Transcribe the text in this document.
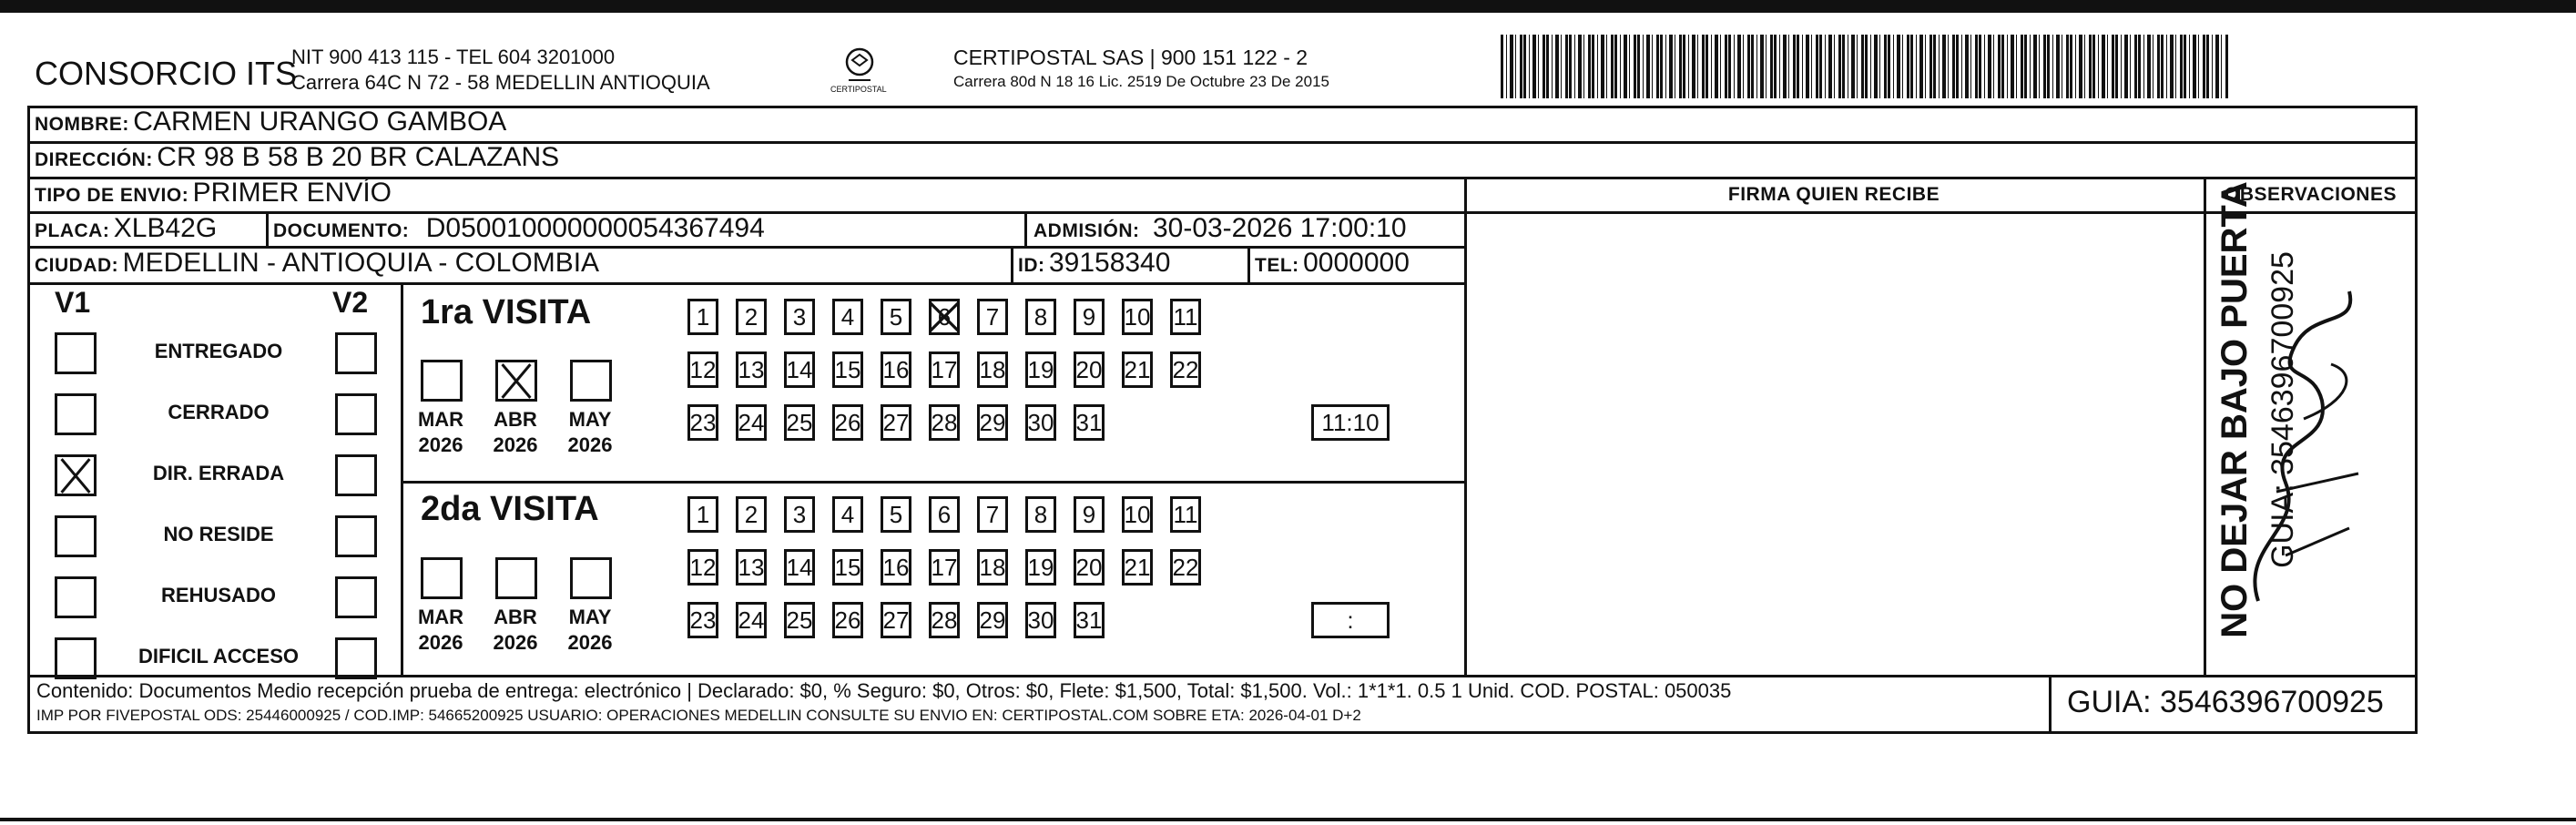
CONSORCIO ITS
NIT 900 413 115 - TEL 604 3201000
Carrera 64C N 72 - 58 MEDELLIN ANTIOQUIA	CERTIPOSTAL
CERTIPOSTAL SAS | 900 151 122 - 2
Carrera 80d N 18 16 Lic. 2519 De Octubre 23 De 2015
NOMBRE: CARMEN URANGO GAMBOA
DIRECCIÓN: CR 98 B 58 B 20 BR CALAZANS
TIPO DE ENVIO: PRIMER ENVÍO	FIRMA QUIEN RECIBE	OBSERVACIONES
PLACA: XLB42G	DOCUMENTO: D050010000000054367494	ADMISIÓN: 30-03-2026 17:00:10
CIUDAD: MEDELLIN - ANTIOQUIA - COLOMBIA	ID: 39158340	TEL: 0000000
V1	V2
ENTREGADO
CERRADO
DIR. ERRADA
NO RESIDE
REHUSADO
DIFICIL ACCESO
1ra VISITA
2da VISITA
MAR
2026
ABR
2026
MAY
2026
MAR
2026
ABR
2026
MAY
2026
1	2	3	4	5	6	7	8	9	10 11
12 13 14 15 16 17 18 19 20 21 22
23 24 25 26 27 28 29 30 31	11:10
1	2	3	4	5	6	7	8	9	10 11
12 13 14 15 16 17 18 19 20 21 22
23 24 25 26 27 28 29 30 31	:
Contenido: Documentos Medio recepción prueba de entrega: electrónico | Declarado: $0, % Seguro: $0, Otros: $0, Flete: $1,500, Total: $1,500. Vol.: 1*1*1. 0.5 1 Unid. COD. POSTAL: 050035
IMP POR FIVEPOSTAL ODS: 25446000925 / COD.IMP: 54665200925 USUARIO: OPERACIONES MEDELLIN CONSULTE SU ENVIO EN: CERTIPOSTAL.COM SOBRE ETA: 2026-04-01 D+2	GUIA: 3546396700925
NO DEJAR BAJO PUERTA GUIA: 3546396700925
